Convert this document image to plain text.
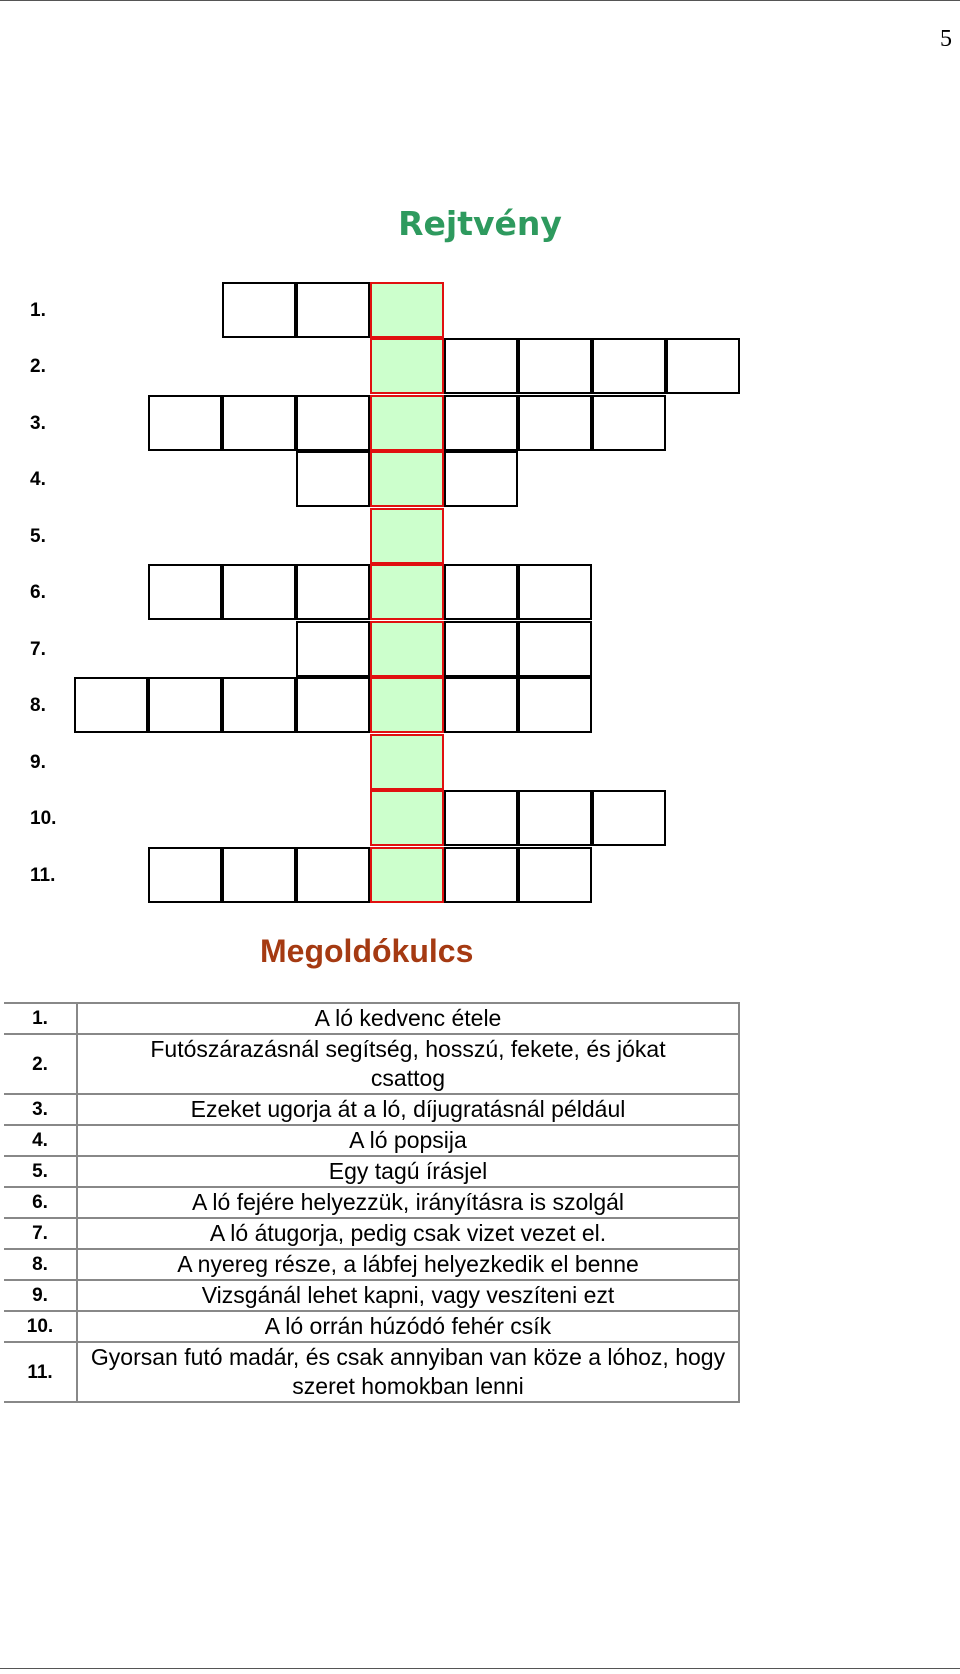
5
Rejtvény
1.
2.
3.
4.
5.
6.
7.
8.
9.
10.
11.
Megoldókulcs
1.	A ló kedvenc étele
2.	Futószárazásnál segítség, hosszú, fekete, és jókat csattog
3.	Ezeket ugorja át a ló, díjugratásnál például
4.	A ló popsija
5.	Egy tagú írásjel
6.	A ló fejére helyezzük, irányításra is szolgál
7.	A ló átugorja, pedig csak vizet vezet el.
8.	A nyereg része, a lábfej helyezkedik el benne
9.	Vizsgánál lehet kapni, vagy veszíteni ezt
10.	A ló orrán húzódó fehér csík
11.	Gyorsan futó madár, és csak annyiban van köze a lóhoz, hogy szeret homokban lenni
